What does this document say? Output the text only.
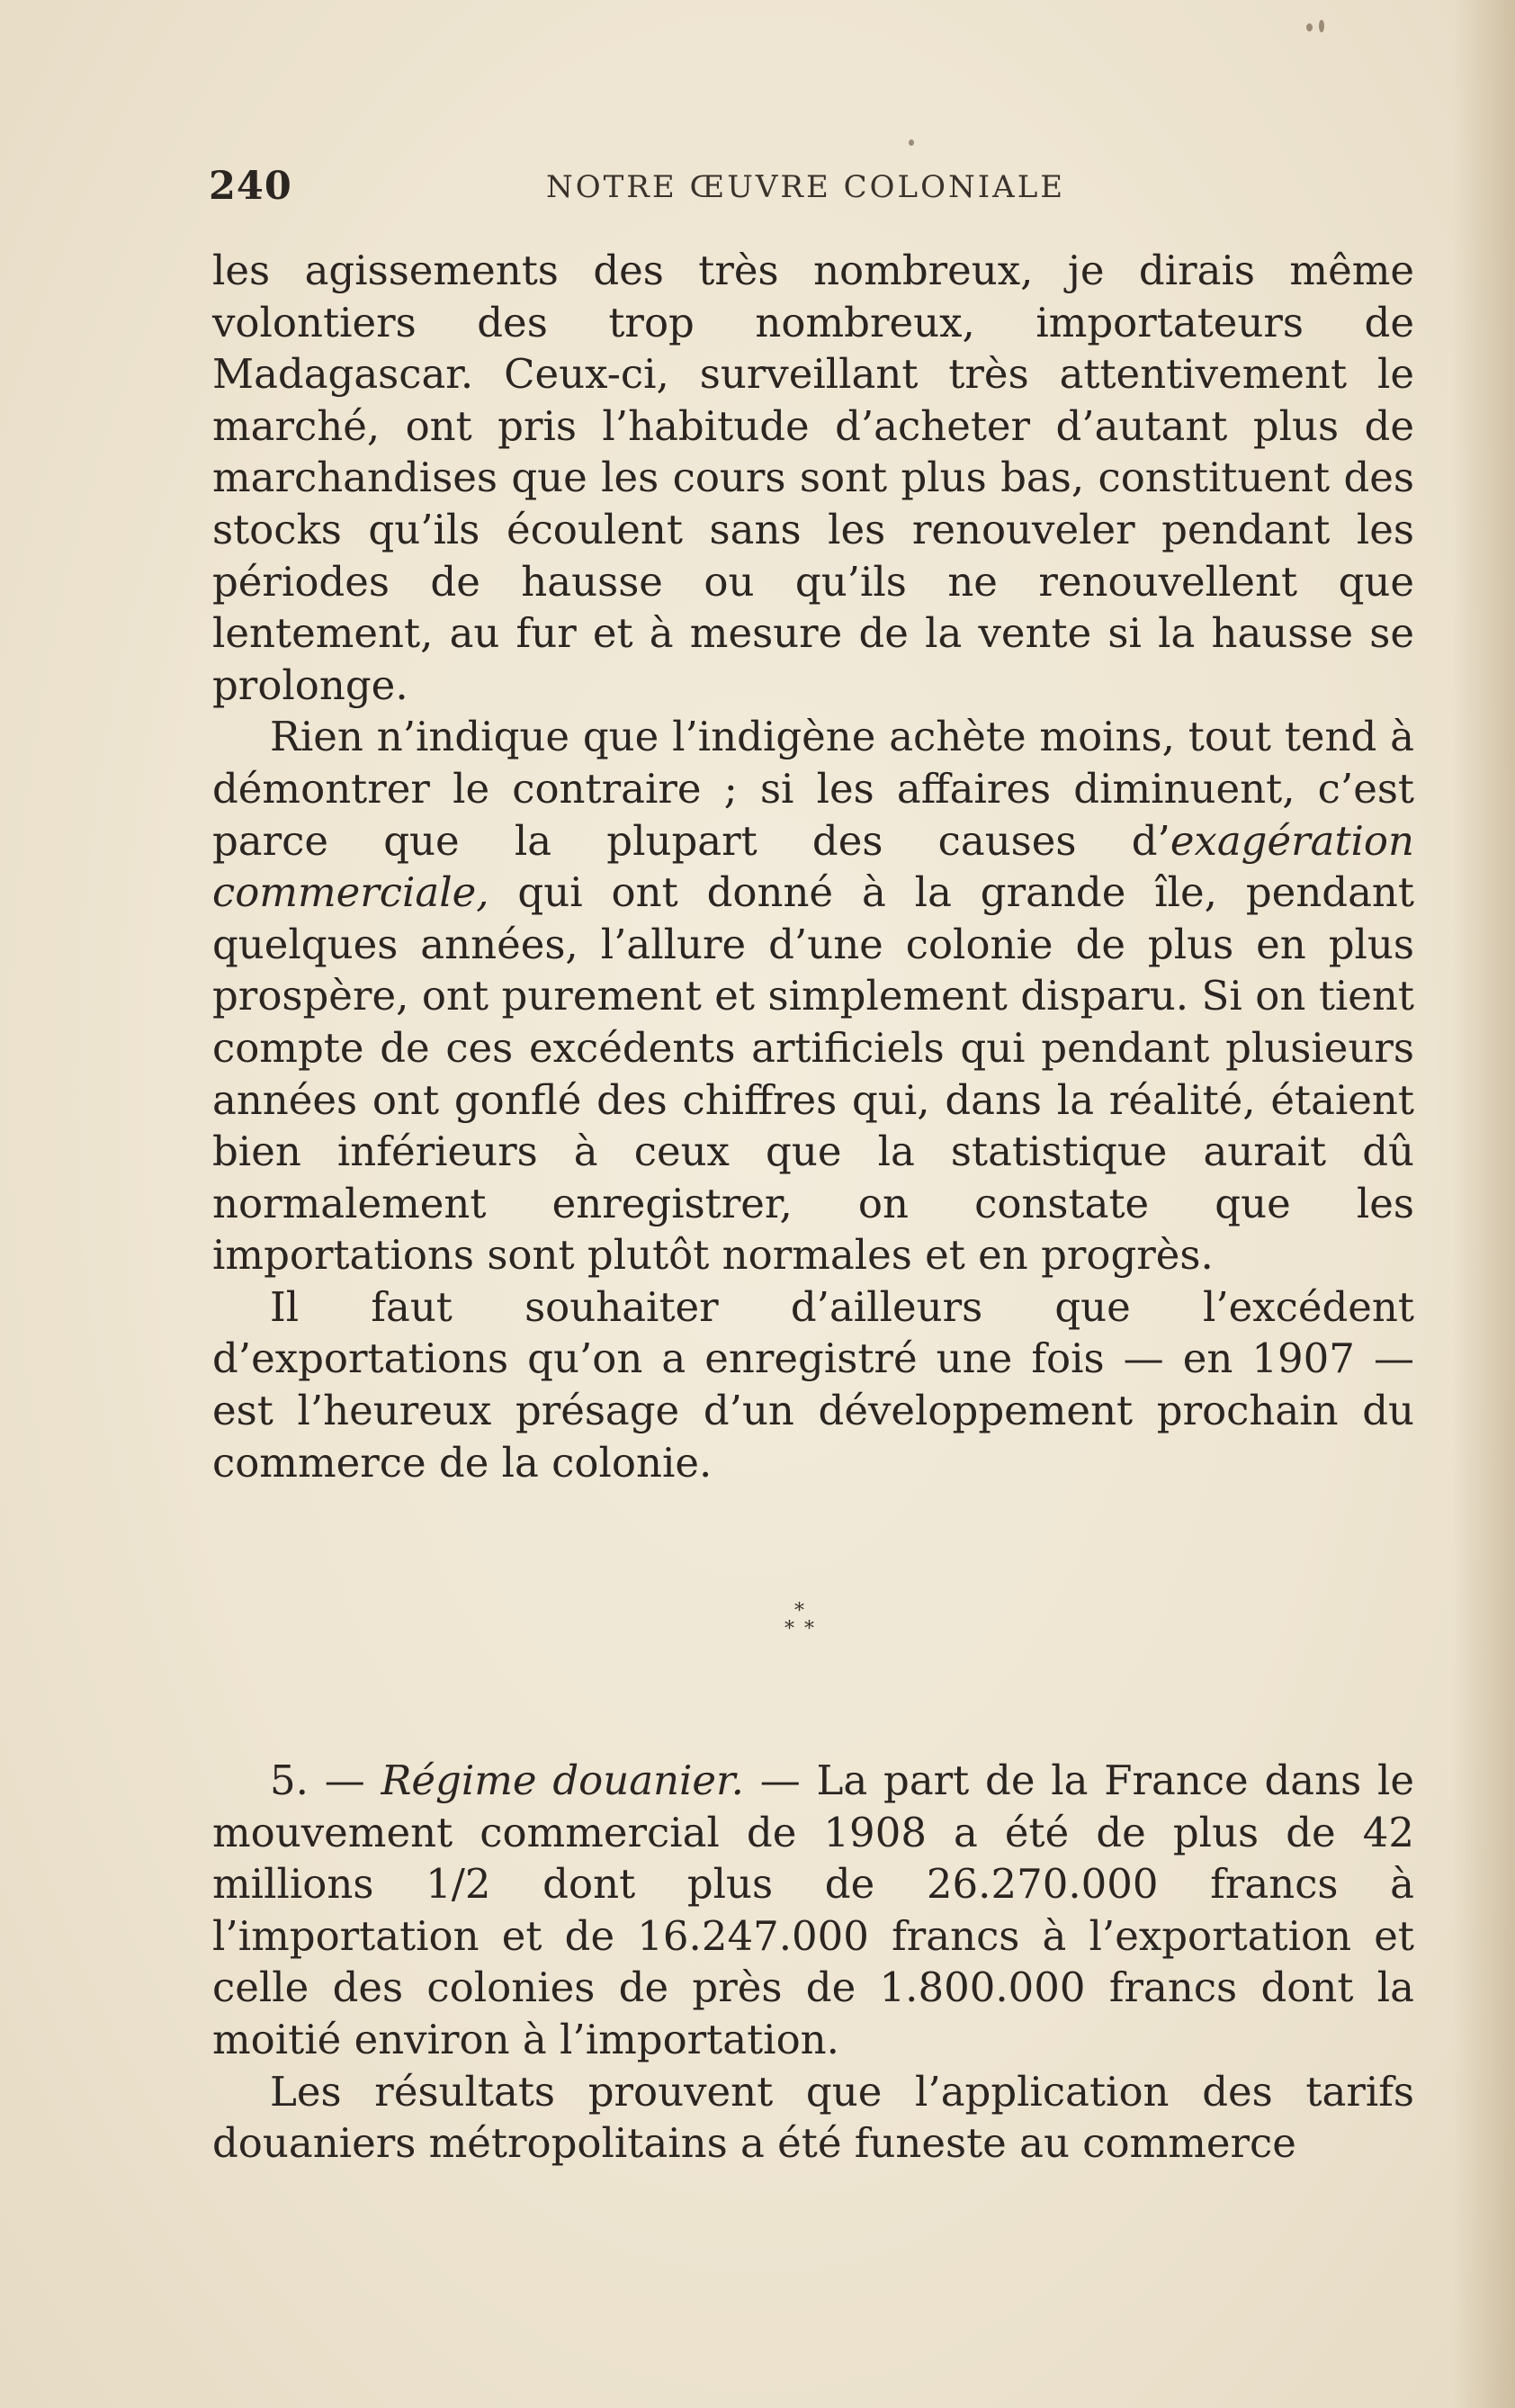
240	NOTRE ŒUVRE COLONIALE

les agissements des très nombreux, je dirais même volontiers des trop nombreux, importateurs de Madagascar. Ceux-ci, surveillant très attentivement le marché, ont pris l’habitude d’acheter d’autant plus de marchandises que les cours sont plus bas, constituent des stocks qu’ils écoulent sans les renouveler pendant les périodes de hausse ou qu’ils ne renouvellent que lentement, au fur et à mesure de la vente si la hausse se prolonge.

Rien n’indique que l’indigène achète moins, tout tend à démontrer le contraire ; si les affaires diminuent, c’est parce que la plupart des causes d’exagération commerciale, qui ont donné à la grande île, pendant quelques années, l’allure d’une colonie de plus en plus prospère, ont purement et simplement disparu. Si on tient compte de ces excédents artificiels qui pendant plusieurs années ont gonflé des chiffres qui, dans la réalité, étaient bien inférieurs à ceux que la statistique aurait dû normalement enregistrer, on constate que les importations sont plutôt normales et en progrès.

Il faut souhaiter d’ailleurs que l’excédent d’exportations qu’on a enregistré une fois — en 1907 — est l’heureux présage d’un développement prochain du commerce de la colonie.

*
* *

5. — Régime douanier. — La part de la France dans le mouvement commercial de 1908 a été de plus de 42 millions 1/2 dont plus de 26.270.000 francs à l’importation et de 16.247.000 francs à l’exportation et celle des colonies de près de 1.800.000 francs dont la moitié environ à l’importation.

Les résultats prouvent que l’application des tarifs douaniers métropolitains a été funeste au commerce
